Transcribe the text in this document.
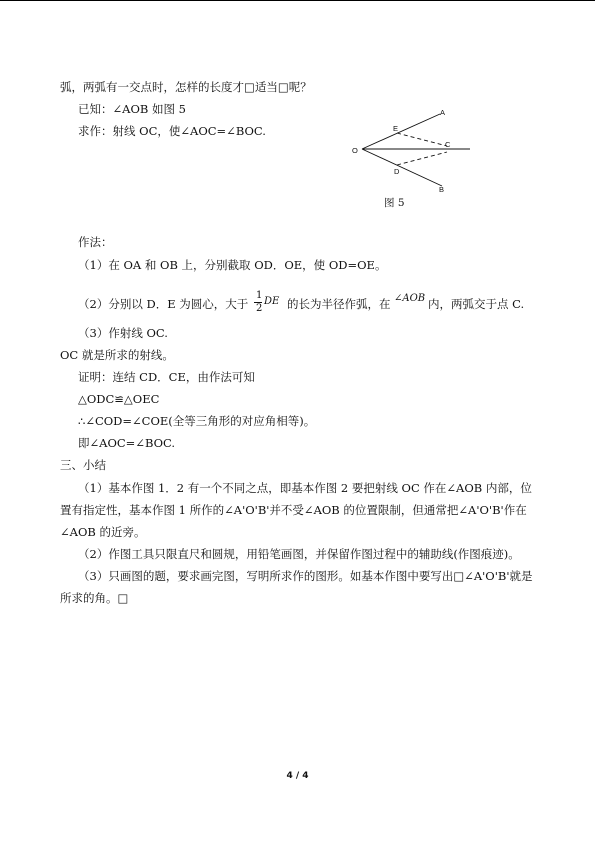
弧，两弧有一交点时，怎样的长度才□适当□呢？
已知：∠AOB 如图 5
求作：射线 OC，使∠AOC=∠BOC.
O
A
B
C
D
E
图 5
作法：
（1）在 OA 和 OB 上，分别截取 OD．OE，使 OD=OE。
（2）分别以 D．E 为圆心，大于
1
2
DE 的长为半径作弧，在 ∠AOB 内，两弧交于点 C.
（3）作射线 OC.
OC 就是所求的射线。
证明：连结 CD．CE，由作法可知
△ODC≌△OEC
∴∠COD=∠COE(全等三角形的对应角相等)。
即∠AOC=∠BOC.
三、小结
（1）基本作图 1．2 有一个不同之点，即基本作图 2 要把射线 OC 作在∠AOB 内部，位
置有指定性，基本作图 1 所作的∠A'O'B'并不受∠AOB 的位置限制，但通常把∠A'O'B'作在
∠AOB 的近旁。
（2）作图工具只限直尺和圆规，用铅笔画图，并保留作图过程中的辅助线(作图痕迹)。
（3）只画图的题，要求画完图，写明所求作的图形。如基本作图中要写出□∠A'O'B'就是
所求的角。□
4 / 4
